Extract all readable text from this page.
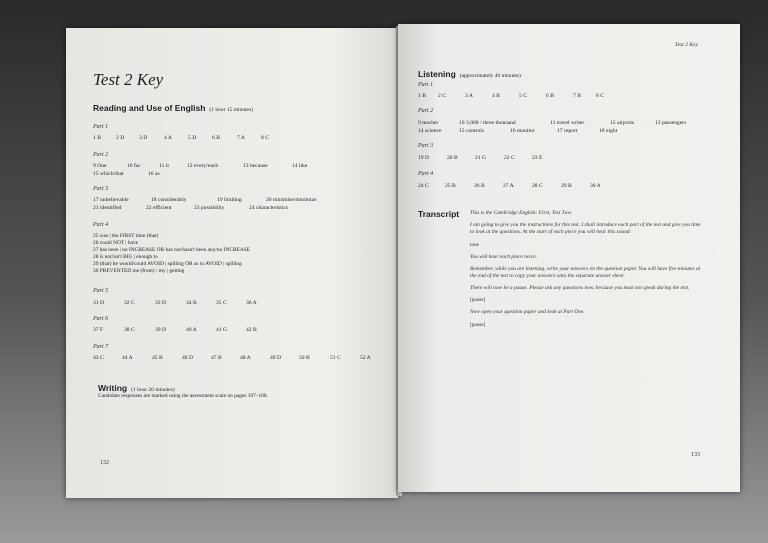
Test 2 Key
Reading and Use of English (1 hour 15 minutes)
Part 1
1 B	2 D	3 D	4 A	5 D	6 B	7 A	8 C
Part 2
9 One	10 far	11 it	12 every/each	13 because	14 like
15 which/that	16 as
Part 3
17 unbelievable	18 considerably	19 limiting	20 minimise/minimize
21 identified	22 efficient	23 possibility	24 characteristics
Part 4
25 was | the FIRST time (that)
26 could NOT | have
27 has been | no INCREASE OR has not/hasn't been any/no INCREASE
28 is not/isn't BIG | enough to
29 (that) he would/could AVOID | spilling OR as to AVOID | spilling
30 PREVENTED me (from) / my | getting
Part 5
31 D	32 C	33 D	34 B	35 C	36 A
Part 6
37 F	38 C	39 D	40 A	41 G	42 B
Part 7
43 C	44 A	45 B	46 D	47 B	48 A	49 D	50 B	51 C	52 A
Writing (1 hour 20 minutes)
Candidate responses are marked using the assessment scale on pages 107–108.
132
Test 2 Key
Listening (approximately 40 minutes)
Part 1
1 B 2 C	3 A	4 B	5 C	6 B	7 B	8 C
Part 2
9 teacher	10 3,000 / three thousand	11 travel writer	12 airports	13 passengers
14 science	15 controls	16 monitor	17 report	18 eight
Part 3
19 D	20 B	21 G	22 C	23 E
Part 4
24 C	25 B	26 B	27 A	28 C	29 B	30 A
Transcript This is the Cambridge English: First, Test Two.
I am going to give you the instructions for this test. I shall introduce each part of the test and give you time to look at the questions. At the start of each piece you will hear this sound:
tone
You will hear each piece twice.
Remember, while you are listening, write your answers on the question paper. You will have five minutes at the end of the test to copy your answers onto the separate answer sheet.
There will now be a pause. Please ask any questions now, because you must not speak during the test.
[pause]
Now open your question paper and look at Part One.
[pause]
133
